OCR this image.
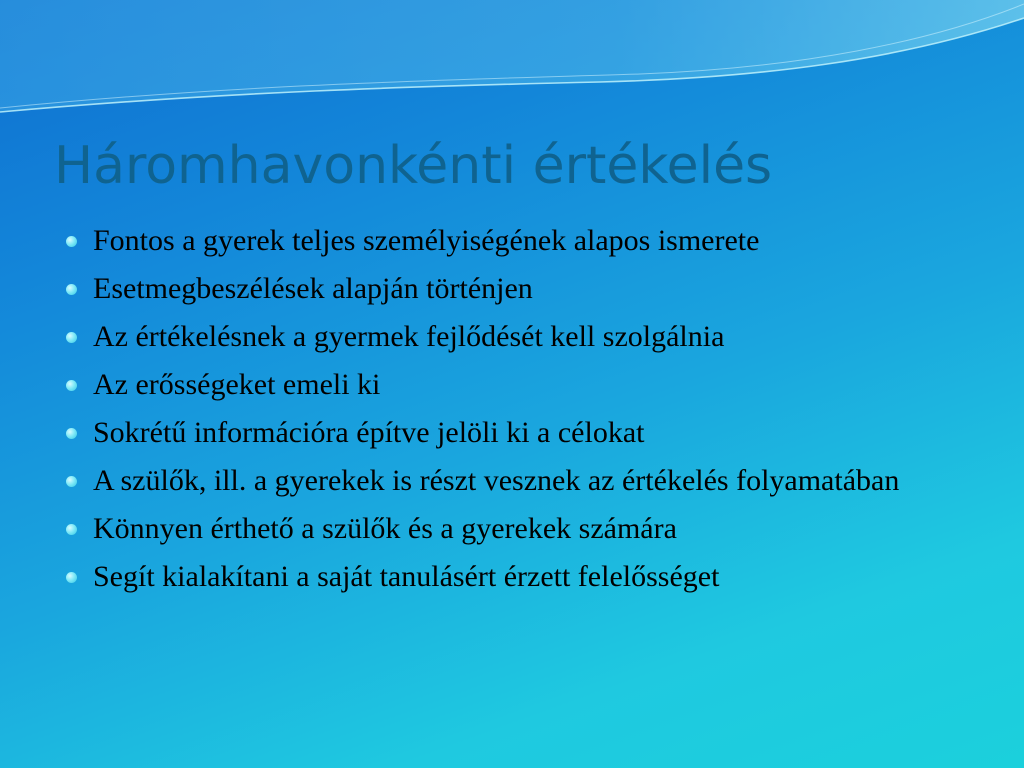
Háromhavonkénti értékelés
Fontos a gyerek teljes személyiségének alapos ismerete
Esetmegbeszélések alapján történjen
Az értékelésnek a gyermek fejlődését kell szolgálnia
Az erősségeket emeli ki
Sokrétű információra építve jelöli ki a célokat
A szülők, ill. a gyerekek is részt vesznek az értékelés folyamatában
Könnyen érthető a szülők és a gyerekek számára
Segít kialakítani a saját tanulásért érzett felelősséget
